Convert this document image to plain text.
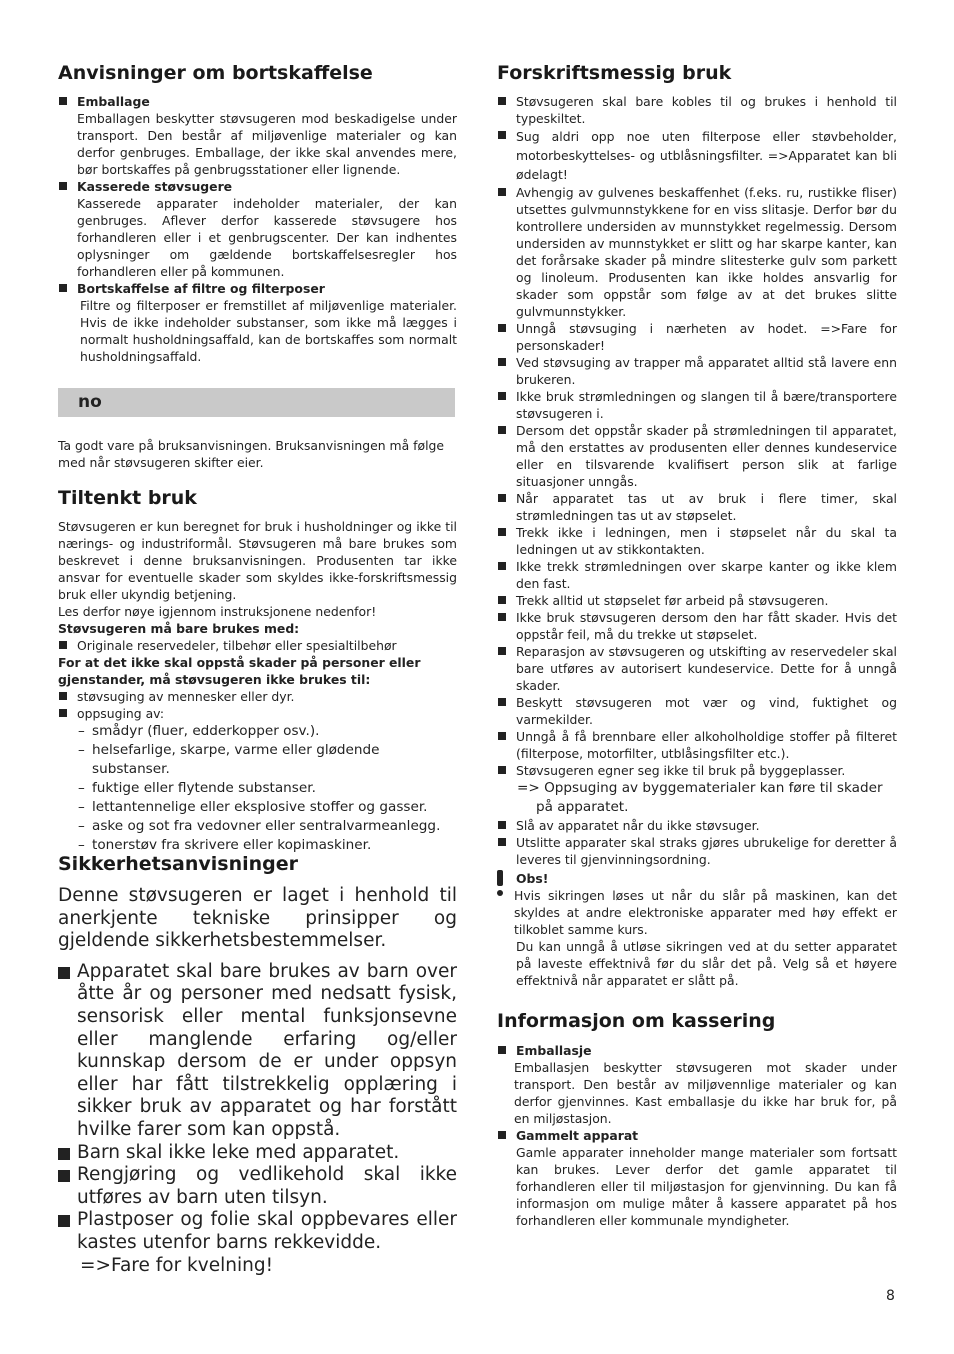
Anvisninger om bortskaffelse
Emballage
Emballagen beskytter støvsugeren mod beskadigelse under transport. Den består af miljøvenlige materialer og kan derfor genbruges. Emballage, der ikke skal anvendes mere, bør bortskaffes på genbrugsstationer eller lignende.
Kasserede støvsugere
Kasserede apparater indeholder materialer, der kan genbruges. Aflever derfor kasserede støvsugere hos forhandleren eller i et genbrugscenter. Der kan indhentes oplysninger om gældende bortskaffelsesregler hos forhandleren eller på kommunen.
Bortskaffelse af filtre og filterposer
Filtre og filterposer er fremstillet af miljøvenlige materialer. Hvis de ikke indeholder substanser, som ikke må lægges i normalt husholdningsaffald, kan de bortskaffes som normalt husholdningsaffald.
no
Ta godt vare på bruksanvisningen. Bruksanvisningen må følge med når støvsugeren skifter eier.
Tiltenkt bruk
Støvsugeren er kun beregnet for bruk i husholdninger og ikke til nærings- og industriformål. Støvsugeren må bare brukes som beskrevet i denne bruksanvisningen. Produsenten tar ikke ansvar for eventuelle skader som skyldes ikke-forskriftsmessig bruk eller ukyndig betjening.
Les derfor nøye igjennom instruksjonene nedenfor!
Støvsugeren må bare brukes med:
Originale reservedeler, tilbehør eller spesialtilbehør
For at det ikke skal oppstå skader på personer eller gjenstander, må støvsugeren ikke brukes til:
støvsuging av mennesker eller dyr.
oppsuging av:
– smådyr (fluer, edderkopper osv.).
– helsefarlige, skarpe, varme eller glødende substanser.
– fuktige eller flytende substanser.
– lettantennelige eller eksplosive stoffer og gasser.
– aske og sot fra vedovner eller sentralvarmeanlegg.
– tonerstøv fra skrivere eller kopimaskiner.
Sikkerhetsanvisninger
Denne støvsugeren er laget i henhold til anerkjente tekniske prinsipper og gjeldende sikkerhetsbestemmelser.
Apparatet skal bare brukes av barn over åtte år og personer med nedsatt fysisk, sensorisk eller mental funksjonsevne eller manglende erfaring og/eller kunnskap dersom de er under oppsyn eller har fått tilstrekkelig opplæring i sikker bruk av apparatet og har forstått hvilke farer som kan oppstå.
Barn skal ikke leke med apparatet.
Rengjøring og vedlikehold skal ikke utføres av barn uten tilsyn.
Plastposer og folie skal oppbevares eller kastes utenfor barns rekkevidde.
=>Fare for kvelning!
Forskriftsmessig bruk
Støvsugeren skal bare kobles til og brukes i henhold til typeskiltet.
Sug aldri opp noe uten filterpose eller støvbeholder, motorbeskyttelses- og utblåsningsfilter. =>Apparatet kan bli ødelagt!
Avhengig av gulvenes beskaffenhet (f.eks. ru, rustikke fliser) utsettes gulvmunnstykkene for en viss slitasje. Derfor bør du kontrollere undersiden av munnstykket regelmessig. Dersom undersiden av munnstykket er slitt og har skarpe kanter, kan det forårsake skader på mindre slitesterke gulv som parkett og linoleum. Produsenten kan ikke holdes ansvarlig for skader som oppstår som følge av at det brukes slitte gulvmunnstykker.
Unngå støvsuging i nærheten av hodet. =>Fare for personskader!
Ved støvsuging av trapper må apparatet alltid stå lavere enn brukeren.
Ikke bruk strømledningen og slangen til å bære/transportere støvsugeren i.
Dersom det oppstår skader på strømledningen til apparatet, må den erstattes av produsenten eller dennes kundeservice eller en tilsvarende kvalifisert person slik at farlige situasjoner unngås.
Når apparatet tas ut av bruk i flere timer, skal strømledningen tas ut av støpselet.
Trekk ikke i ledningen, men i støpselet når du skal ta ledningen ut av stikkontakten.
Ikke trekk strømledningen over skarpe kanter og ikke klem den fast.
Trekk alltid ut støpselet før arbeid på støvsugeren.
Ikke bruk støvsugeren dersom den har fått skader. Hvis det oppstår feil, må du trekke ut støpselet.
Reparasjon av støvsugeren og utskifting av reservedeler skal bare utføres av autorisert kundeservice. Dette for å unngå skader.
Beskytt støvsugeren mot vær og vind, fuktighet og varmekilder.
Unngå å få brennbare eller alkoholholdige stoffer på filteret (filterpose, motorfilter, utblåsingsfilter etc.).
Støvsugeren egner seg ikke til bruk på byggeplasser.
=> Oppsuging av byggematerialer kan føre til skader
på apparatet.
Slå av apparatet når du ikke støvsuger.
Utslitte apparater skal straks gjøres ubrukelige for deretter å leveres til gjenvinningsordning.
Obs!
Hvis sikringen løses ut når du slår på maskinen, kan det skyldes at andre elektroniske apparater med høy effekt er tilkoblet samme kurs.
Du kan unngå å utløse sikringen ved at du setter apparatet på laveste effektnivå før du slår det på. Velg så et høyere effektnivå når apparatet er slått på.
Informasjon om kassering
Emballasje
Emballasjen beskytter støvsugeren mot skader under transport. Den består av miljøvennlige materialer og kan derfor gjenvinnes. Kast emballasje du ikke har bruk for, på en miljøstasjon.
Gammelt apparat
Gamle apparater inneholder mange materialer som fortsatt kan brukes. Lever derfor det gamle apparatet til forhandleren eller til miljøstasjon for gjenvinning. Du kan få informasjon om mulige måter å kassere apparatet på hos forhandleren eller kommunale myndigheter.
8
